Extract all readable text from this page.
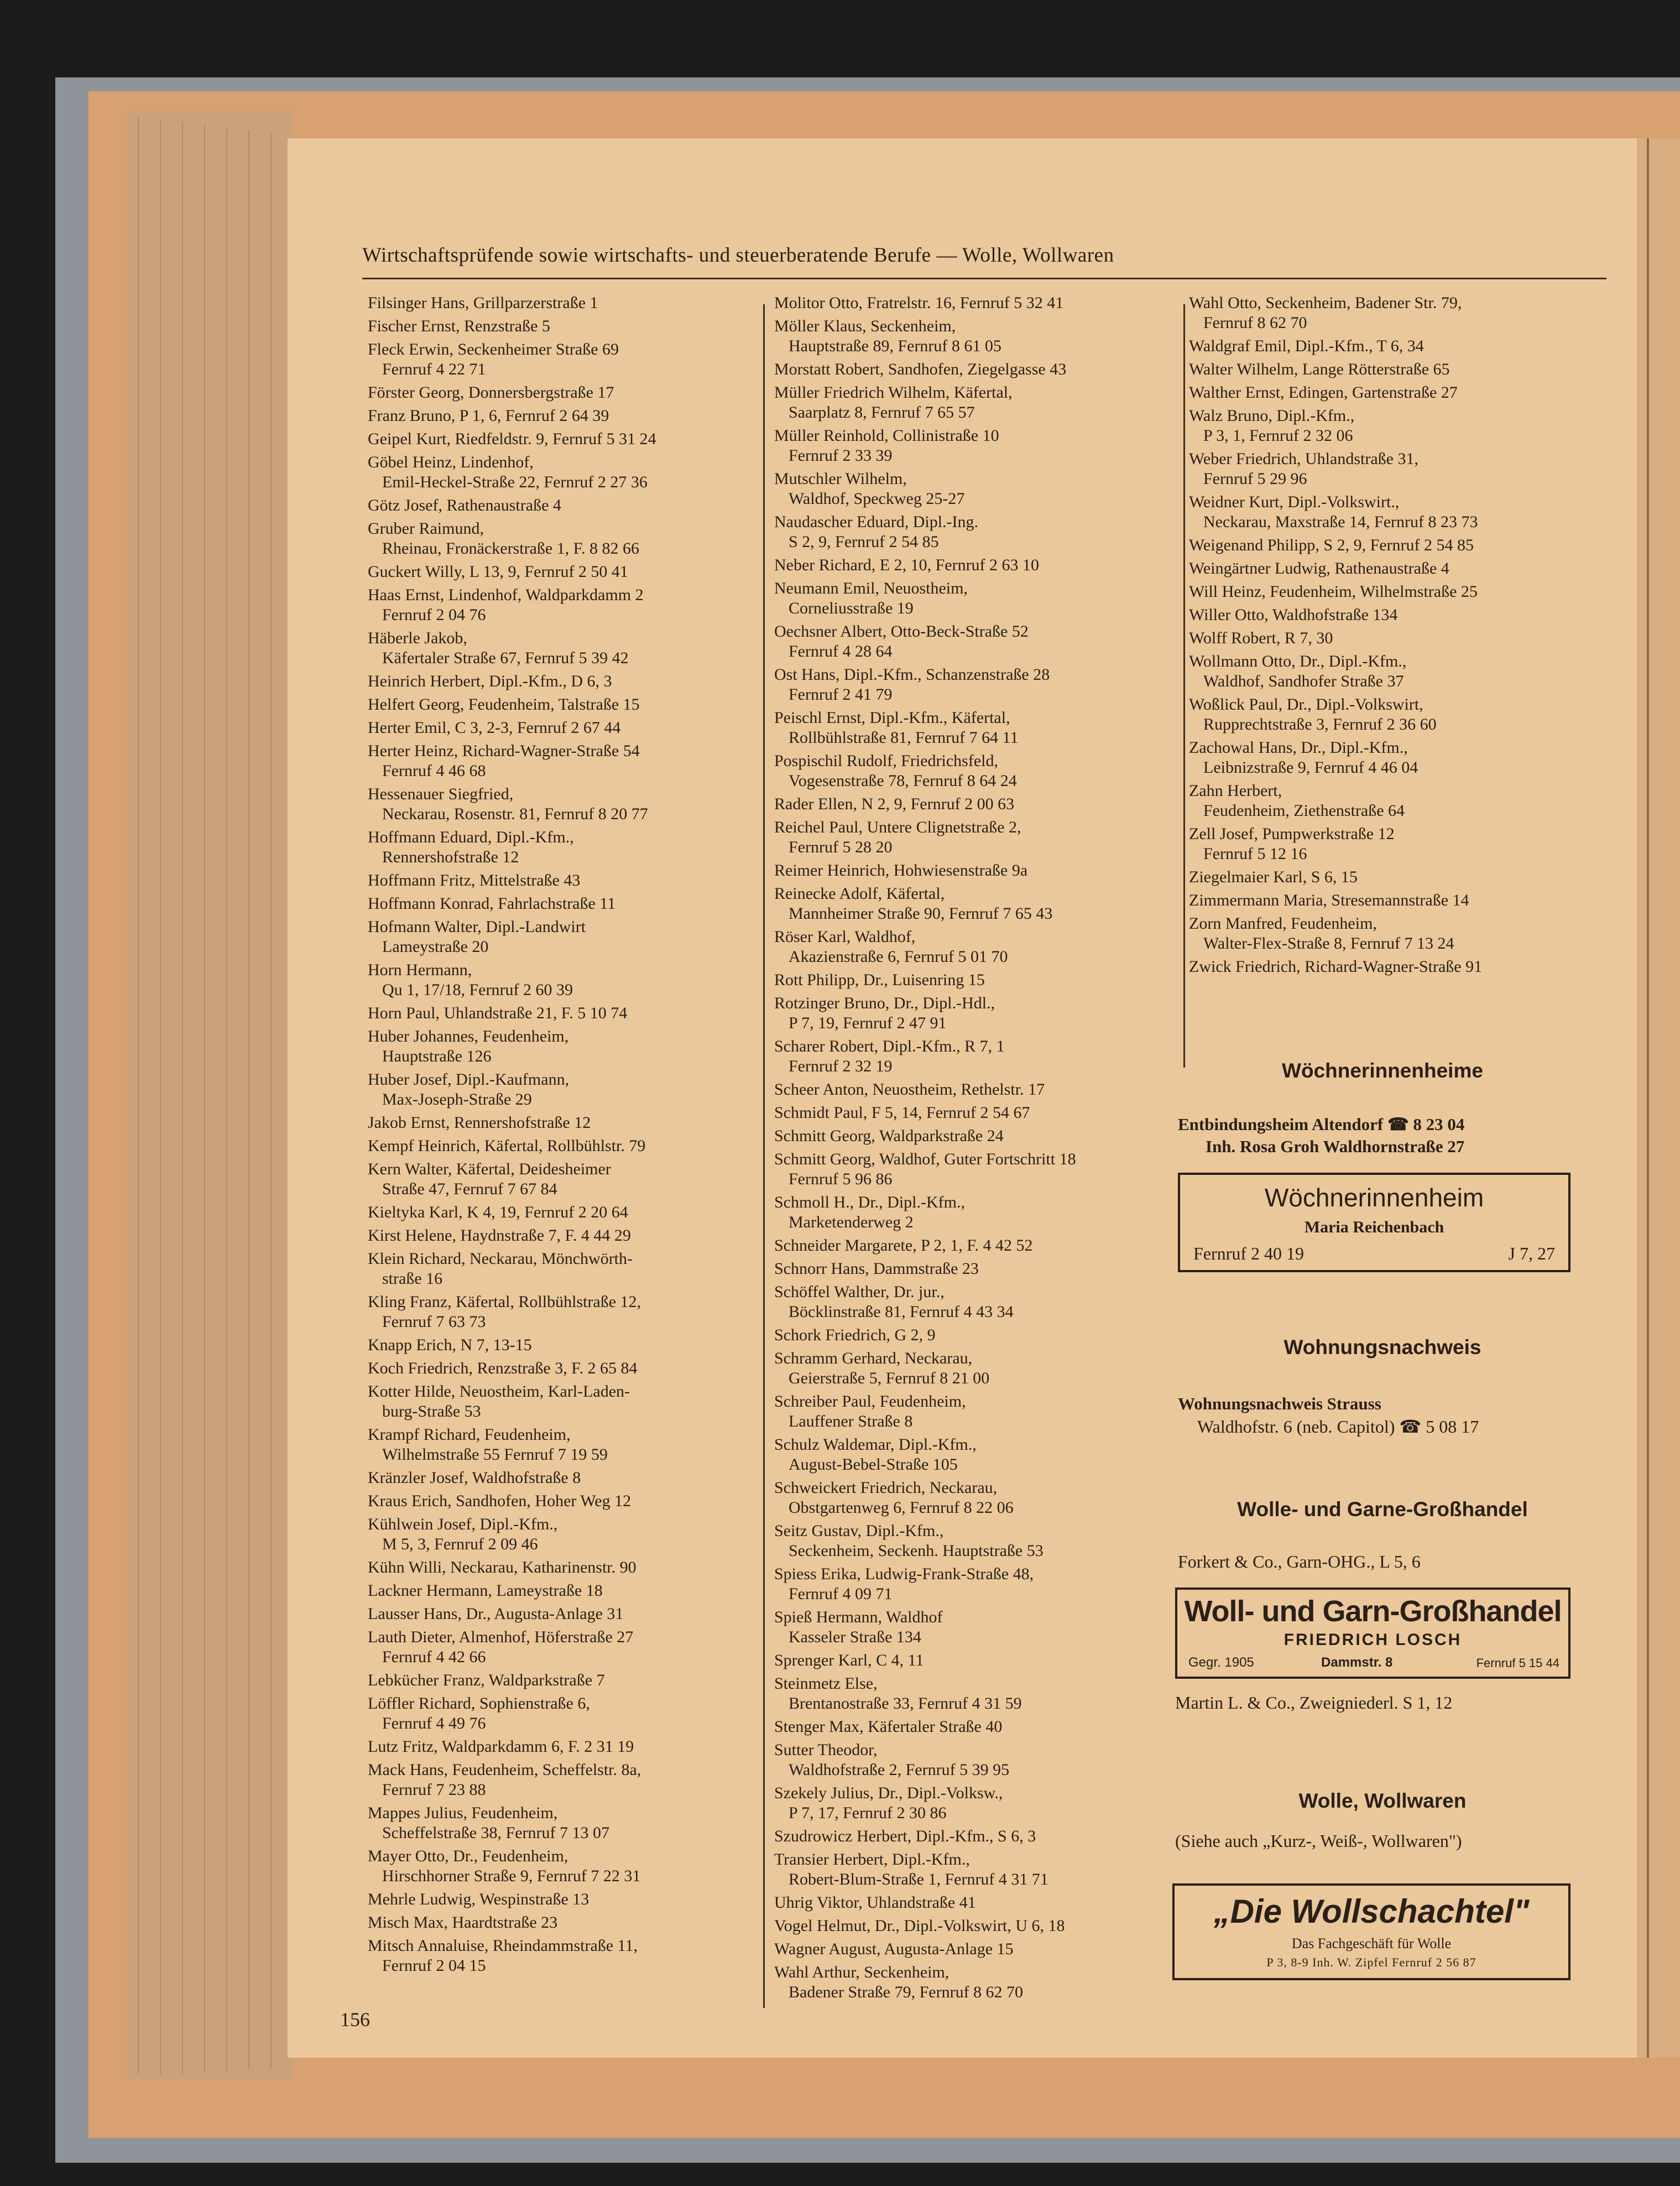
Wirtschaftsprüfende sowie wirtschafts- und steuerberatende Berufe — Wolle, Wollwaren
Filsinger Hans, Grillparzerstraße 1
Fischer Ernst, Renzstraße 5
Fleck Erwin, Seckenheimer Straße 69
Fernruf 4 22 71
Förster Georg, Donnersbergstraße 17
Franz Bruno, P 1, 6, Fernruf 2 64 39
Geipel Kurt, Riedfeldstr. 9, Fernruf 5 31 24
Göbel Heinz, Lindenhof,
Emil-Heckel-Straße 22, Fernruf 2 27 36
Götz Josef, Rathenaustraße 4
Gruber Raimund,
Rheinau, Fronäckerstraße 1, F. 8 82 66
Guckert Willy, L 13, 9, Fernruf 2 50 41
Haas Ernst, Lindenhof, Waldparkdamm 2
Fernruf 2 04 76
Häberle Jakob,
Käfertaler Straße 67, Fernruf 5 39 42
Heinrich Herbert, Dipl.-Kfm., D 6, 3
Helfert Georg, Feudenheim, Talstraße 15
Herter Emil, C 3, 2-3, Fernruf 2 67 44
Herter Heinz, Richard-Wagner-Straße 54
Fernruf 4 46 68
Hessenauer Siegfried,
Neckarau, Rosenstr. 81, Fernruf 8 20 77
Hoffmann Eduard, Dipl.-Kfm.,
Rennershofstraße 12
Hoffmann Fritz, Mittelstraße 43
Hoffmann Konrad, Fahrlachstraße 11
Hofmann Walter, Dipl.-Landwirt
Lameystraße 20
Horn Hermann,
Qu 1, 17/18, Fernruf 2 60 39
Horn Paul, Uhlandstraße 21, F. 5 10 74
Huber Johannes, Feudenheim,
Hauptstraße 126
Huber Josef, Dipl.-Kaufmann,
Max-Joseph-Straße 29
Jakob Ernst, Rennershofstraße 12
Kempf Heinrich, Käfertal, Rollbühlstr. 79
Kern Walter, Käfertal, Deidesheimer
Straße 47, Fernruf 7 67 84
Kieltyka Karl, K 4, 19, Fernruf 2 20 64
Kirst Helene, Haydnstraße 7, F. 4 44 29
Klein Richard, Neckarau, Mönchwörth-
straße 16
Kling Franz, Käfertal, Rollbühlstraße 12,
Fernruf 7 63 73
Knapp Erich, N 7, 13-15
Koch Friedrich, Renzstraße 3, F. 2 65 84
Kotter Hilde, Neuostheim, Karl-Laden-
burg-Straße 53
Krampf Richard, Feudenheim,
Wilhelmstraße 55 Fernruf 7 19 59
Kränzler Josef, Waldhofstraße 8
Kraus Erich, Sandhofen, Hoher Weg 12
Kühlwein Josef, Dipl.-Kfm.,
M 5, 3, Fernruf 2 09 46
Kühn Willi, Neckarau, Katharinenstr. 90
Lackner Hermann, Lameystraße 18
Lausser Hans, Dr., Augusta-Anlage 31
Lauth Dieter, Almenhof, Höferstraße 27
Fernruf 4 42 66
Lebkücher Franz, Waldparkstraße 7
Löffler Richard, Sophienstraße 6,
Fernruf 4 49 76
Lutz Fritz, Waldparkdamm 6, F. 2 31 19
Mack Hans, Feudenheim, Scheffelstr. 8a,
Fernruf 7 23 88
Mappes Julius, Feudenheim,
Scheffelstraße 38, Fernruf 7 13 07
Mayer Otto, Dr., Feudenheim,
Hirschhorner Straße 9, Fernruf 7 22 31
Mehrle Ludwig, Wespinstraße 13
Misch Max, Haardtstraße 23
Mitsch Annaluise, Rheindammstraße 11,
Fernruf 2 04 15
Molitor Otto, Fratrelstr. 16, Fernruf 5 32 41
Möller Klaus, Seckenheim,
Hauptstraße 89, Fernruf 8 61 05
Morstatt Robert, Sandhofen, Ziegelgasse 43
Müller Friedrich Wilhelm, Käfertal,
Saarplatz 8, Fernruf 7 65 57
Müller Reinhold, Collinistraße 10
Fernruf 2 33 39
Mutschler Wilhelm,
Waldhof, Speckweg 25-27
Naudascher Eduard, Dipl.-Ing.
S 2, 9, Fernruf 2 54 85
Neber Richard, E 2, 10, Fernruf 2 63 10
Neumann Emil, Neuostheim,
Corneliusstraße 19
Oechsner Albert, Otto-Beck-Straße 52
Fernruf 4 28 64
Ost Hans, Dipl.-Kfm., Schanzenstraße 28
Fernruf 2 41 79
Peischl Ernst, Dipl.-Kfm., Käfertal,
Rollbühlstraße 81, Fernruf 7 64 11
Pospischil Rudolf, Friedrichsfeld,
Vogesenstraße 78, Fernruf 8 64 24
Rader Ellen, N 2, 9, Fernruf 2 00 63
Reichel Paul, Untere Clignetstraße 2,
Fernruf 5 28 20
Reimer Heinrich, Hohwiesenstraße 9a
Reinecke Adolf, Käfertal,
Mannheimer Straße 90, Fernruf 7 65 43
Röser Karl, Waldhof,
Akazienstraße 6, Fernruf 5 01 70
Rott Philipp, Dr., Luisenring 15
Rotzinger Bruno, Dr., Dipl.-Hdl.,
P 7, 19, Fernruf 2 47 91
Scharer Robert, Dipl.-Kfm., R 7, 1
Fernruf 2 32 19
Scheer Anton, Neuostheim, Rethelstr. 17
Schmidt Paul, F 5, 14, Fernruf 2 54 67
Schmitt Georg, Waldparkstraße 24
Schmitt Georg, Waldhof, Guter Fortschritt 18
Fernruf 5 96 86
Schmoll H., Dr., Dipl.-Kfm.,
Marketenderweg 2
Schneider Margarete, P 2, 1, F. 4 42 52
Schnorr Hans, Dammstraße 23
Schöffel Walther, Dr. jur.,
Böcklinstraße 81, Fernruf 4 43 34
Schork Friedrich, G 2, 9
Schramm Gerhard, Neckarau,
Geierstraße 5, Fernruf 8 21 00
Schreiber Paul, Feudenheim,
Lauffener Straße 8
Schulz Waldemar, Dipl.-Kfm.,
August-Bebel-Straße 105
Schweickert Friedrich, Neckarau,
Obstgartenweg 6, Fernruf 8 22 06
Seitz Gustav, Dipl.-Kfm.,
Seckenheim, Seckenh. Hauptstraße 53
Spiess Erika, Ludwig-Frank-Straße 48,
Fernruf 4 09 71
Spieß Hermann, Waldhof
Kasseler Straße 134
Sprenger Karl, C 4, 11
Steinmetz Else,
Brentanostraße 33, Fernruf 4 31 59
Stenger Max, Käfertaler Straße 40
Sutter Theodor,
Waldhofstraße 2, Fernruf 5 39 95
Szekely Julius, Dr., Dipl.-Volksw.,
P 7, 17, Fernruf 2 30 86
Szudrowicz Herbert, Dipl.-Kfm., S 6, 3
Transier Herbert, Dipl.-Kfm.,
Robert-Blum-Straße 1, Fernruf 4 31 71
Uhrig Viktor, Uhlandstraße 41
Vogel Helmut, Dr., Dipl.-Volkswirt, U 6, 18
Wagner August, Augusta-Anlage 15
Wahl Arthur, Seckenheim,
Badener Straße 79, Fernruf 8 62 70
Wahl Otto, Seckenheim, Badener Str. 79,
Fernruf 8 62 70
Waldgraf Emil, Dipl.-Kfm., T 6, 34
Walter Wilhelm, Lange Rötterstraße 65
Walther Ernst, Edingen, Gartenstraße 27
Walz Bruno, Dipl.-Kfm.,
P 3, 1, Fernruf 2 32 06
Weber Friedrich, Uhlandstraße 31,
Fernruf 5 29 96
Weidner Kurt, Dipl.-Volkswirt.,
Neckarau, Maxstraße 14, Fernruf 8 23 73
Weigenand Philipp, S 2, 9, Fernruf 2 54 85
Weingärtner Ludwig, Rathenaustraße 4
Will Heinz, Feudenheim, Wilhelmstraße 25
Willer Otto, Waldhofstraße 134
Wolff Robert, R 7, 30
Wollmann Otto, Dr., Dipl.-Kfm.,
Waldhof, Sandhofer Straße 37
Woßlick Paul, Dr., Dipl.-Volkswirt,
Rupprechtstraße 3, Fernruf 2 36 60
Zachowal Hans, Dr., Dipl.-Kfm.,
Leibnizstraße 9, Fernruf 4 46 04
Zahn Herbert,
Feudenheim, Ziethenstraße 64
Zell Josef, Pumpwerkstraße 12
Fernruf 5 12 16
Ziegelmaier Karl, S 6, 15
Zimmermann Maria, Stresemannstraße 14
Zorn Manfred, Feudenheim,
Walter-Flex-Straße 8, Fernruf 7 13 24
Zwick Friedrich, Richard-Wagner-Straße 91
156
Wöchnerinnenheime
Entbindungsheim Altendorf ☎ 8 23 04
Inh. Rosa Groh Waldhornstraße 27
Wöchnerinnenheim
Maria Reichenbach
Fernruf 2 40 19	J 7, 27
Wohnungsnachweis
Wohnungsnachweis Strauss
Waldhofstr. 6 (neb. Capitol) ☎ 5 08 17
Wolle- und Garne-Großhandel
Forkert & Co., Garn-OHG., L 5, 6
Woll- und Garn-Großhandel
FRIEDRICH LOSCH
Gegr. 1905	Dammstr. 8	Fernruf 5 15 44
Martin L. & Co., Zweigniederl. S 1, 12
Wolle, Wollwaren
(Siehe auch „Kurz-, Weiß-, Wollwaren")
„Die Wollschachtel"
Das Fachgeschäft für Wolle
P 3, 8-9 Inh. W. Zipfel Fernruf 2 56 87
